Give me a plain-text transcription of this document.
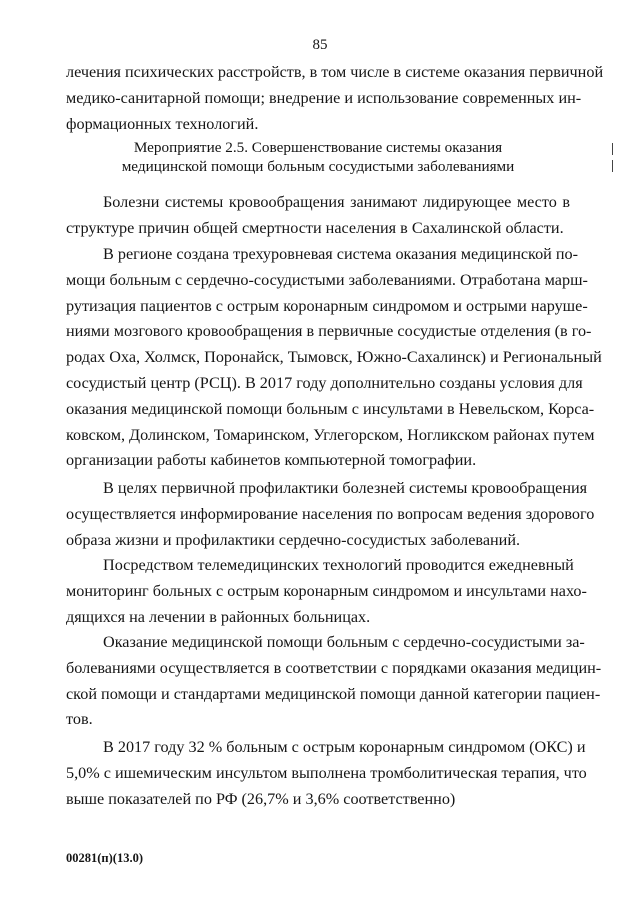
85
лечения психических расстройств, в том числе в системе оказания первичной
медико-санитарной помощи; внедрение и использование современных ин-
формационных технологий.
Мероприятие 2.5. Совершенствование системы оказания
медицинской помощи больным сосудистыми заболеваниями
Болезни системы кровообращения занимают лидирующее место в
структуре причин общей смертности населения в Сахалинской области.
В регионе создана трехуровневая система оказания медицинской по-
мощи больным с сердечно-сосудистыми заболеваниями. Отработана марш-
рутизация пациентов с острым коронарным синдромом и острыми наруше-
ниями мозгового кровообращения в первичные сосудистые отделения (в го-
родах Оха, Холмск, Поронайск, Тымовск, Южно-Сахалинск) и Региональный
сосудистый центр (РСЦ). В 2017 году дополнительно созданы условия для
оказания медицинской помощи больным с инсультами в Невельском, Корса-
ковском, Долинском, Томаринском, Углегорском, Ногликском районах путем
организации работы кабинетов компьютерной томографии.
В целях первичной профилактики болезней системы кровообращения
осуществляется информирование населения по вопросам ведения здорового
образа жизни и профилактики сердечно-сосудистых заболеваний.
Посредством телемедицинских технологий проводится ежедневный
мониторинг больных с острым коронарным синдромом и инсультами нахо-
дящихся на лечении в районных больницах.
Оказание медицинской помощи больным с сердечно-сосудистыми за-
болеваниями осуществляется в соответствии с порядками оказания медицин-
ской помощи и стандартами медицинской помощи данной категории пациен-
тов.
В 2017 году 32 % больным с острым коронарным синдромом (ОКС) и
5,0% с ишемическим инсультом выполнена тромболитическая терапия, что
выше показателей по РФ (26,7% и 3,6% соответственно)
00281(п)(13.0)
